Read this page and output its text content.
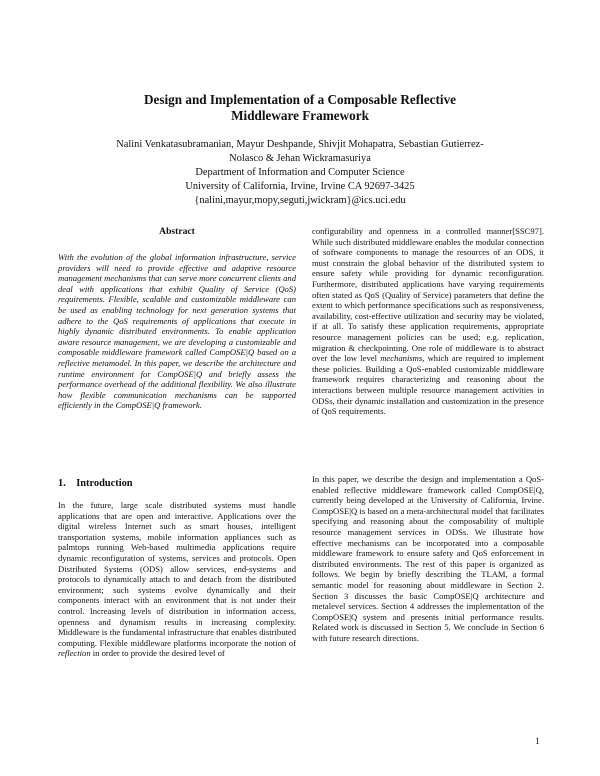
Design and Implementation of a Composable Reflective
Middleware Framework
Nalini Venkatasubramanian, Mayur Deshpande, Shivjit Mohapatra, Sebastian Gutierrez-
Nolasco & Jehan Wickramasuriya
Department of Information and Computer Science
University of California, Irvine, Irvine CA 92697-3425
{nalini,mayur,mopy,seguti,jwickram}@ics.uci.edu
Abstract
With the evolution of the global information infrastructure, service providers will need to provide effective and adaptive resource management mechanisms that can serve more concurrent clients and deal with applications that exhibit Quality of Service (QoS) requirements. Flexible, scalable and customizable middleware can be used as enabling technology for next generation systems that adhere to the QoS requirements of applications that execute in highly dynamic distributed environments. To enable application aware resource management, we are developing a customizable and composable middleware framework called CompOSE|Q based on a reflective metamodel. In this paper, we describe the architecture and runtime environment for CompOSE|Q and briefly assess the performance overhead of the additional flexibility. We also illustrate how flexible communication mechanisms can be supported efficiently in the CompOSE|Q framework.
1. Introduction
In the future, large scale distributed systems must handle applications that are open and interactive. Applications over the digital wireless Internet such as smart houses, intelligent transportation systems, mobile information appliances such as palmtops running Web-based multimedia applications require dynamic reconfiguration of systems, services and protocols. Open Distributed Systems (ODS) allow services, end-systems and protocols to dynamically attach to and detach from the distributed environment; such systems evolve dynamically and their components interact with an environment that is not under their control. Increasing levels of distribution in information access, openness and dynamism results in increasing complexity. Middleware is the fundamental infrastructure that enables distributed computing. Flexible middleware platforms incorporate the notion of reflection in order to provide the desired level of
configurability and openness in a controlled manner[SSC97]. While such distributed middleware enables the modular connection of software components to manage the resources of an ODS, it must constrain the global behavior of the distributed system to ensure safety while providing for dynamic reconfiguration. Furthermore, distributed applications have varying requirements often stated as QoS (Quality of Service) parameters that define the extent to which performance specifications such as responsiveness, availability, cost-effective utilization and security may be violated, if at all. To satisfy these application requirements, appropriate resource management policies can be used; e.g. replication, migration & checkpointing. One role of middleware is to abstract over the low level mechanisms, which are required to implement these policies. Building a QoS-enabled customizable middleware framework requires characterizing and reasoning about the interactions between multiple resource management activities in ODSs, their dynamic installation and customization in the presence of QoS requirements.
In this paper, we describe the design and implementation a QoS-enabled reflective middleware framework called CompOSE|Q, currently being developed at the University of California, Irvine. CompOSE|Q is based on a meta-architectural model that facilitates specifying and reasoning about the composability of multiple resource management services in ODSs. We illustrate how effective mechanisms can be incorporated into a composable middleware framework to ensure safety and QoS enforcement in distributed environments. The rest of this paper is organized as follows. We begin by briefly describing the TLAM, a formal semantic model for reasoning about middleware in Section 2. Section 3 discusses the basic CompOSE|Q architecture and metalevel services. Section 4 addresses the implementation of the CompOSE|Q system and presents initial performance results. Related work is discussed in Section 5. We conclude in Section 6 with future research directions.
1
